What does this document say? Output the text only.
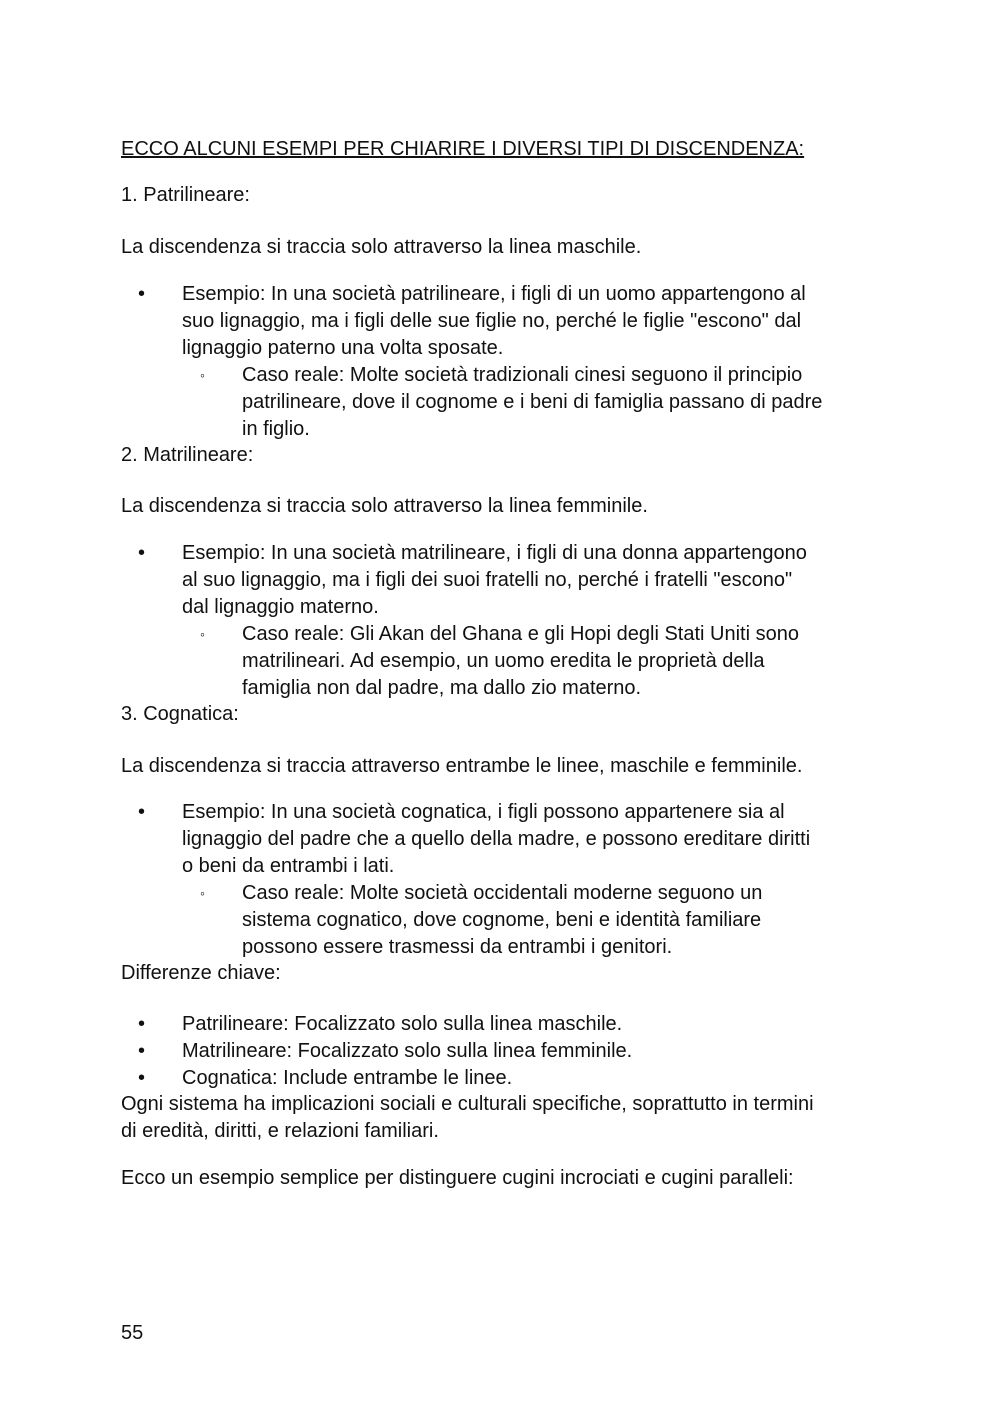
ECCO ALCUNI ESEMPI PER CHIARIRE I DIVERSI TIPI DI DISCENDENZA:
1. Patrilineare:
La discendenza si traccia solo attraverso la linea maschile.
• Esempio: In una società patrilineare, i figli di un uomo appartengono al
suo lignaggio, ma i figli delle sue figlie no, perché le figlie "escono" dal
lignaggio paterno una volta sposate.
◦ Caso reale: Molte società tradizionali cinesi seguono il principio
patrilineare, dove il cognome e i beni di famiglia passano di padre
in figlio.
2. Matrilineare:
La discendenza si traccia solo attraverso la linea femminile.
• Esempio: In una società matrilineare, i figli di una donna appartengono
al suo lignaggio, ma i figli dei suoi fratelli no, perché i fratelli "escono"
dal lignaggio materno.
◦ Caso reale: Gli Akan del Ghana e gli Hopi degli Stati Uniti sono
matrilineari. Ad esempio, un uomo eredita le proprietà della
famiglia non dal padre, ma dallo zio materno.
3. Cognatica:
La discendenza si traccia attraverso entrambe le linee, maschile e femminile.
• Esempio: In una società cognatica, i figli possono appartenere sia al
lignaggio del padre che a quello della madre, e possono ereditare diritti
o beni da entrambi i lati.
◦ Caso reale: Molte società occidentali moderne seguono un
sistema cognatico, dove cognome, beni e identità familiare
possono essere trasmessi da entrambi i genitori.
Differenze chiave:
• Patrilineare: Focalizzato solo sulla linea maschile.
• Matrilineare: Focalizzato solo sulla linea femminile.
• Cognatica: Include entrambe le linee.
Ogni sistema ha implicazioni sociali e culturali specifiche, soprattutto in termini
di eredità, diritti, e relazioni familiari.
Ecco un esempio semplice per distinguere cugini incrociati e cugini paralleli:
55
